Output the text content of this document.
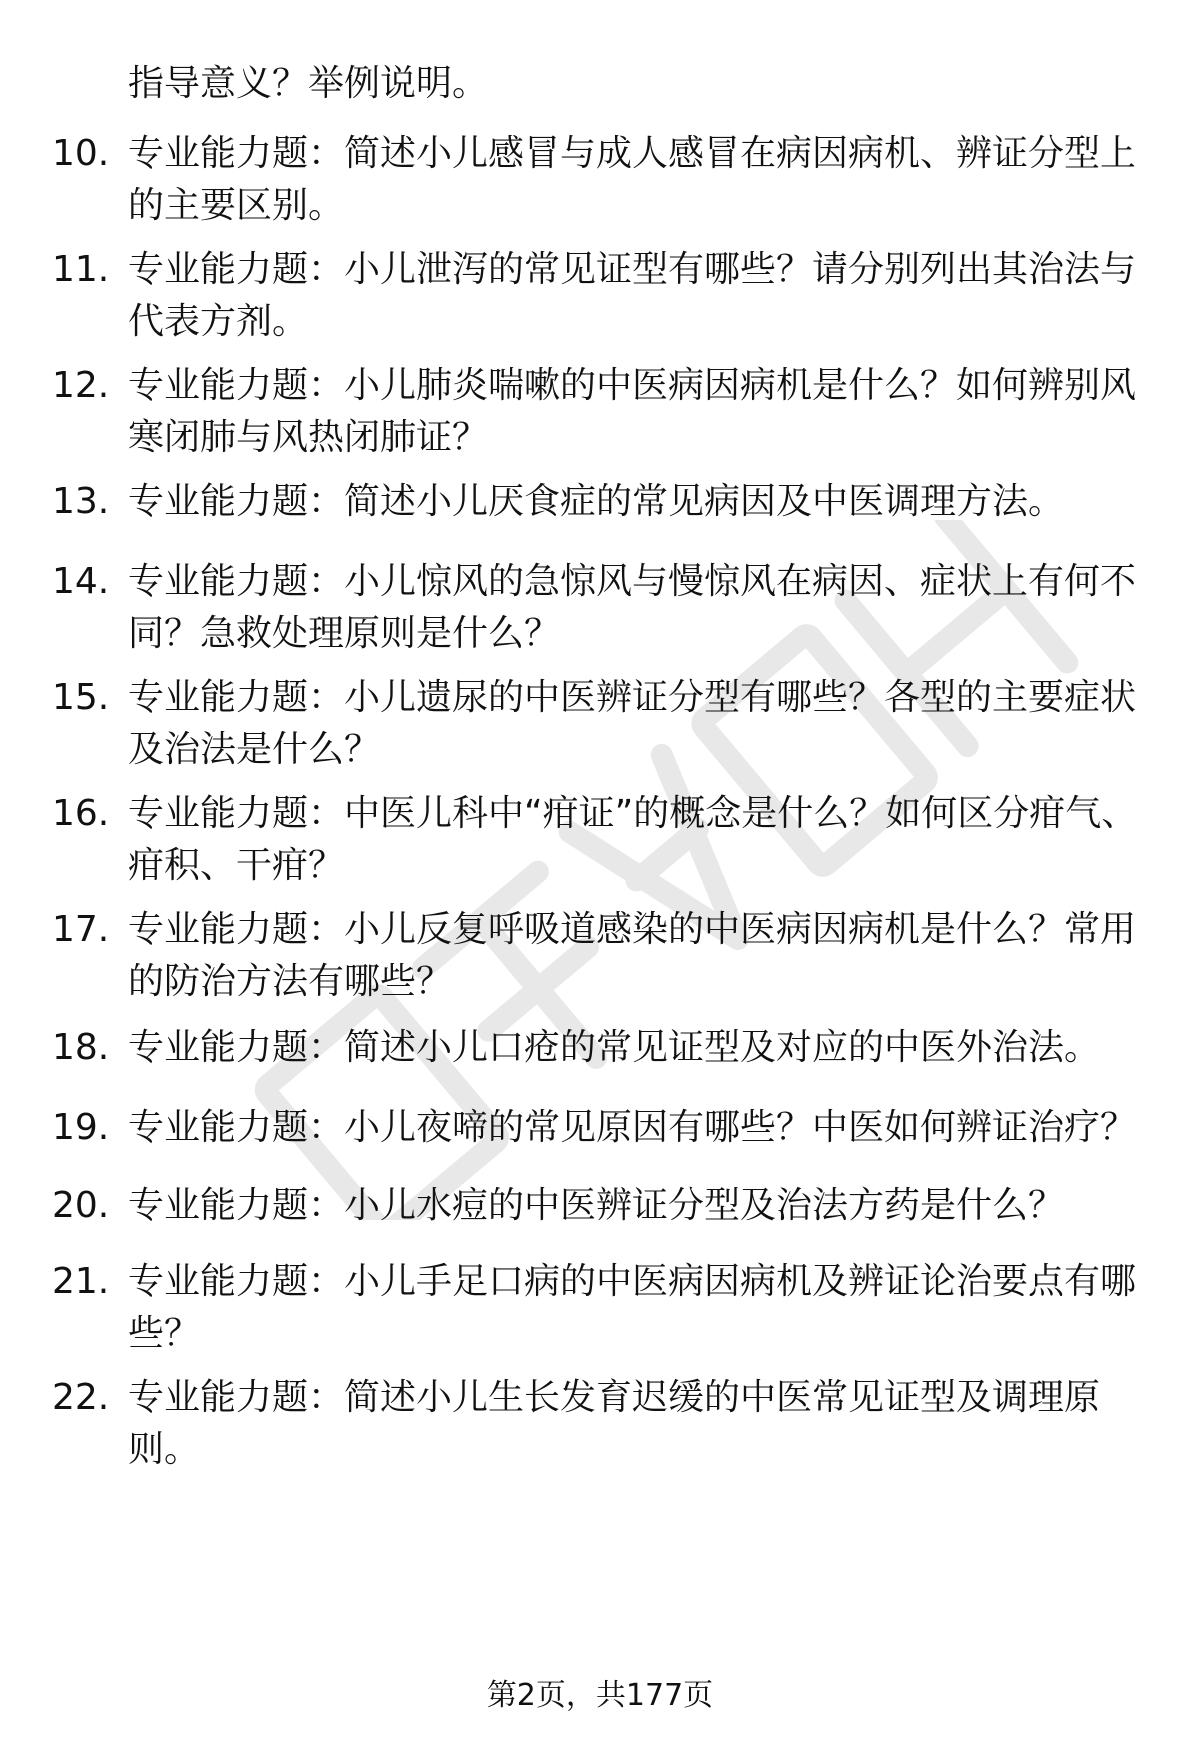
指导意义？举例说明。
10. 专业能力题：简述小儿感冒与成人感冒在病因病机、辨证分型上的主要区别。
11. 专业能力题：小儿泄泻的常见证型有哪些？请分别列出其治法与代表方剂。
12. 专业能力题：小儿肺炎喘嗽的中医病因病机是什么？如何辨别风寒闭肺与风热闭肺证？
13. 专业能力题：简述小儿厌食症的常见病因及中医调理方法。
14. 专业能力题：小儿惊风的急惊风与慢惊风在病因、症状上有何不同？急救处理原则是什么？
15. 专业能力题：小儿遗尿的中医辨证分型有哪些？各型的主要症状及治法是什么？
16. 专业能力题：中医儿科中“疳证”的概念是什么？如何区分疳气、疳积、干疳？
17. 专业能力题：小儿反复呼吸道感染的中医病因病机是什么？常用的防治方法有哪些？
18. 专业能力题：简述小儿口疮的常见证型及对应的中医外治法。
19. 专业能力题：小儿夜啼的常见原因有哪些？中医如何辨证治疗？
20. 专业能力题：小儿水痘的中医辨证分型及治法方药是什么？
21. 专业能力题：小儿手足口病的中医病因病机及辨证论治要点有哪些？
22. 专业能力题：简述小儿生长发育迟缓的中医常见证型及调理原则。
第2页，共177页
